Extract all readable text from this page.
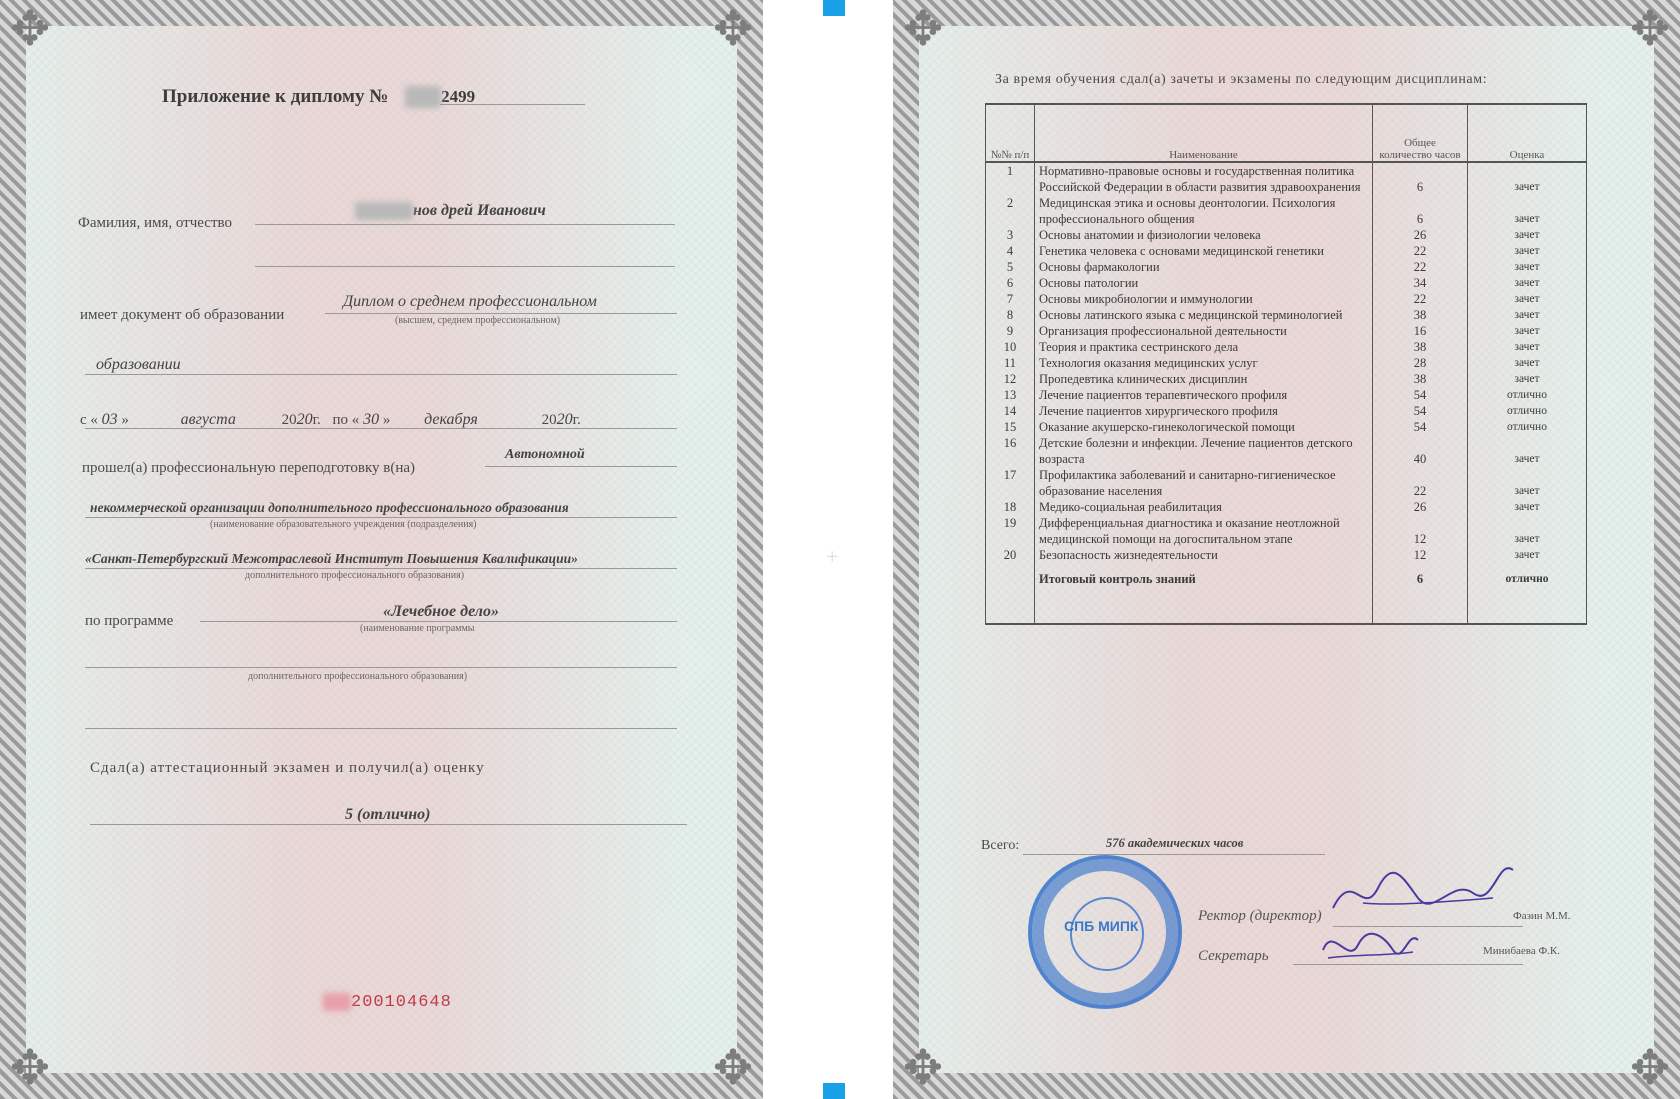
✥	✥
✥	✥
Приложение к диплому №	2499
Фамилия, имя, отчество
нов дрей Иванович
имеет документ об образовании
Диплом о среднем профессиональном
(высшем, среднем профессиональном)
образовании
с « 03 »	августа	2020г. по « 30 » декабря	2020г.
прошел(а) профессиональную переподготовку в(на)
Автономной
некоммерческой организации дополнительного профессионального образования
(наименование образовательного учреждения (подразделения)
«Санкт-Петербургский Межотраслевой Институт Повышения Квалификации»
дополнительного профессионального образования)
по программе
«Лечебное дело»
(наименование программы
дополнительного профессионального образования)
Сдал(а) аттестационный экзамен и получил(а) оценку
5 (отлично)
200104648
+
✥	✥
✥	✥
За время обучения сдал(а) зачеты и экзамены по следующим дисциплинам:
№№ п/п	Наименование	Общее количество часов	Оценка
1	Нормативно-правовые основы и государственная политика Российской Федерации в области развития здравоохранения	6	зачет
2	Медицинская этика и основы деонтологии. Психология профессионального общения	6	зачет
3	Основы анатомии и физиологии человека	26	зачет
4	Генетика человека с основами медицинской генетики	22	зачет
5	Основы фармакологии	22	зачет
6	Основы патологии	34	зачет
7	Основы микробиологии и иммунологии	22	зачет
8	Основы латинского языка с медицинской терминологией	38	зачет
9	Организация профессиональной деятельности	16	зачет
10	Теория и практика сестринского дела	38	зачет
11	Технология оказания медицинских услуг	28	зачет
12	Пропедевтика клинических дисциплин	38	зачет
13	Лечение пациентов терапевтического профиля	54	отлично
14	Лечение пациентов хирургического профиля	54	отлично
15	Оказание акушерско-гинекологической помощи	54	отлично
16	Детские болезни и инфекции. Лечение пациентов детского возраста	40	зачет
17	Профилактика заболеваний и санитарно-гигиеническое образование населения	22	зачет
18	Медико-социальная реабилитация	26	зачет
19	Дифференциальная диагностика и оказание неотложной медицинской помощи на догоспитальном этапе	12	зачет
20	Безопасность жизнедеятельности	12	зачет
	Итоговый контроль знаний	6	отлично
Всего:	576 академических часов
СПБ МИПК
Ректор (директор)	Фазин М.М.
Секретарь	Минибаева Ф.К.
